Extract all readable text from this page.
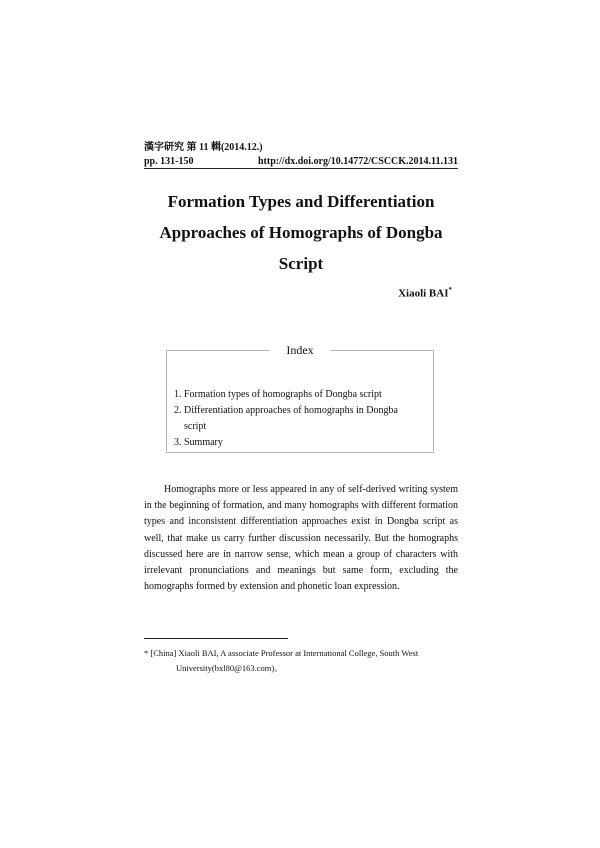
漢字研究 第 11 輯(2014.12.)
pp. 131-150	http://dx.doi.org/10.14772/CSCCK.2014.11.131
Formation Types and Differentiation
Approaches of Homographs of Dongba
Script
Xiaoli BAI*
Index
1. Formation types of homographs of Dongba script
2. Differentiation approaches of homographs in Dongba
script
3. Summary

Homographs more or less appeared in any of self-derived writing system in the beginning of formation, and many homographs with different formation types and inconsistent differentiation approaches exist in Dongba script as well, that make us carry further discussion necessarily. But the homographs discussed here are in narrow sense, which mean a group of characters with irrelevant pronunciations and meanings but same form, excluding the homographs formed by extension and phonetic loan expression.

* [China] Xiaoli BAI, A associate Professor at International College, South West
University(bxl80@163.com)。
